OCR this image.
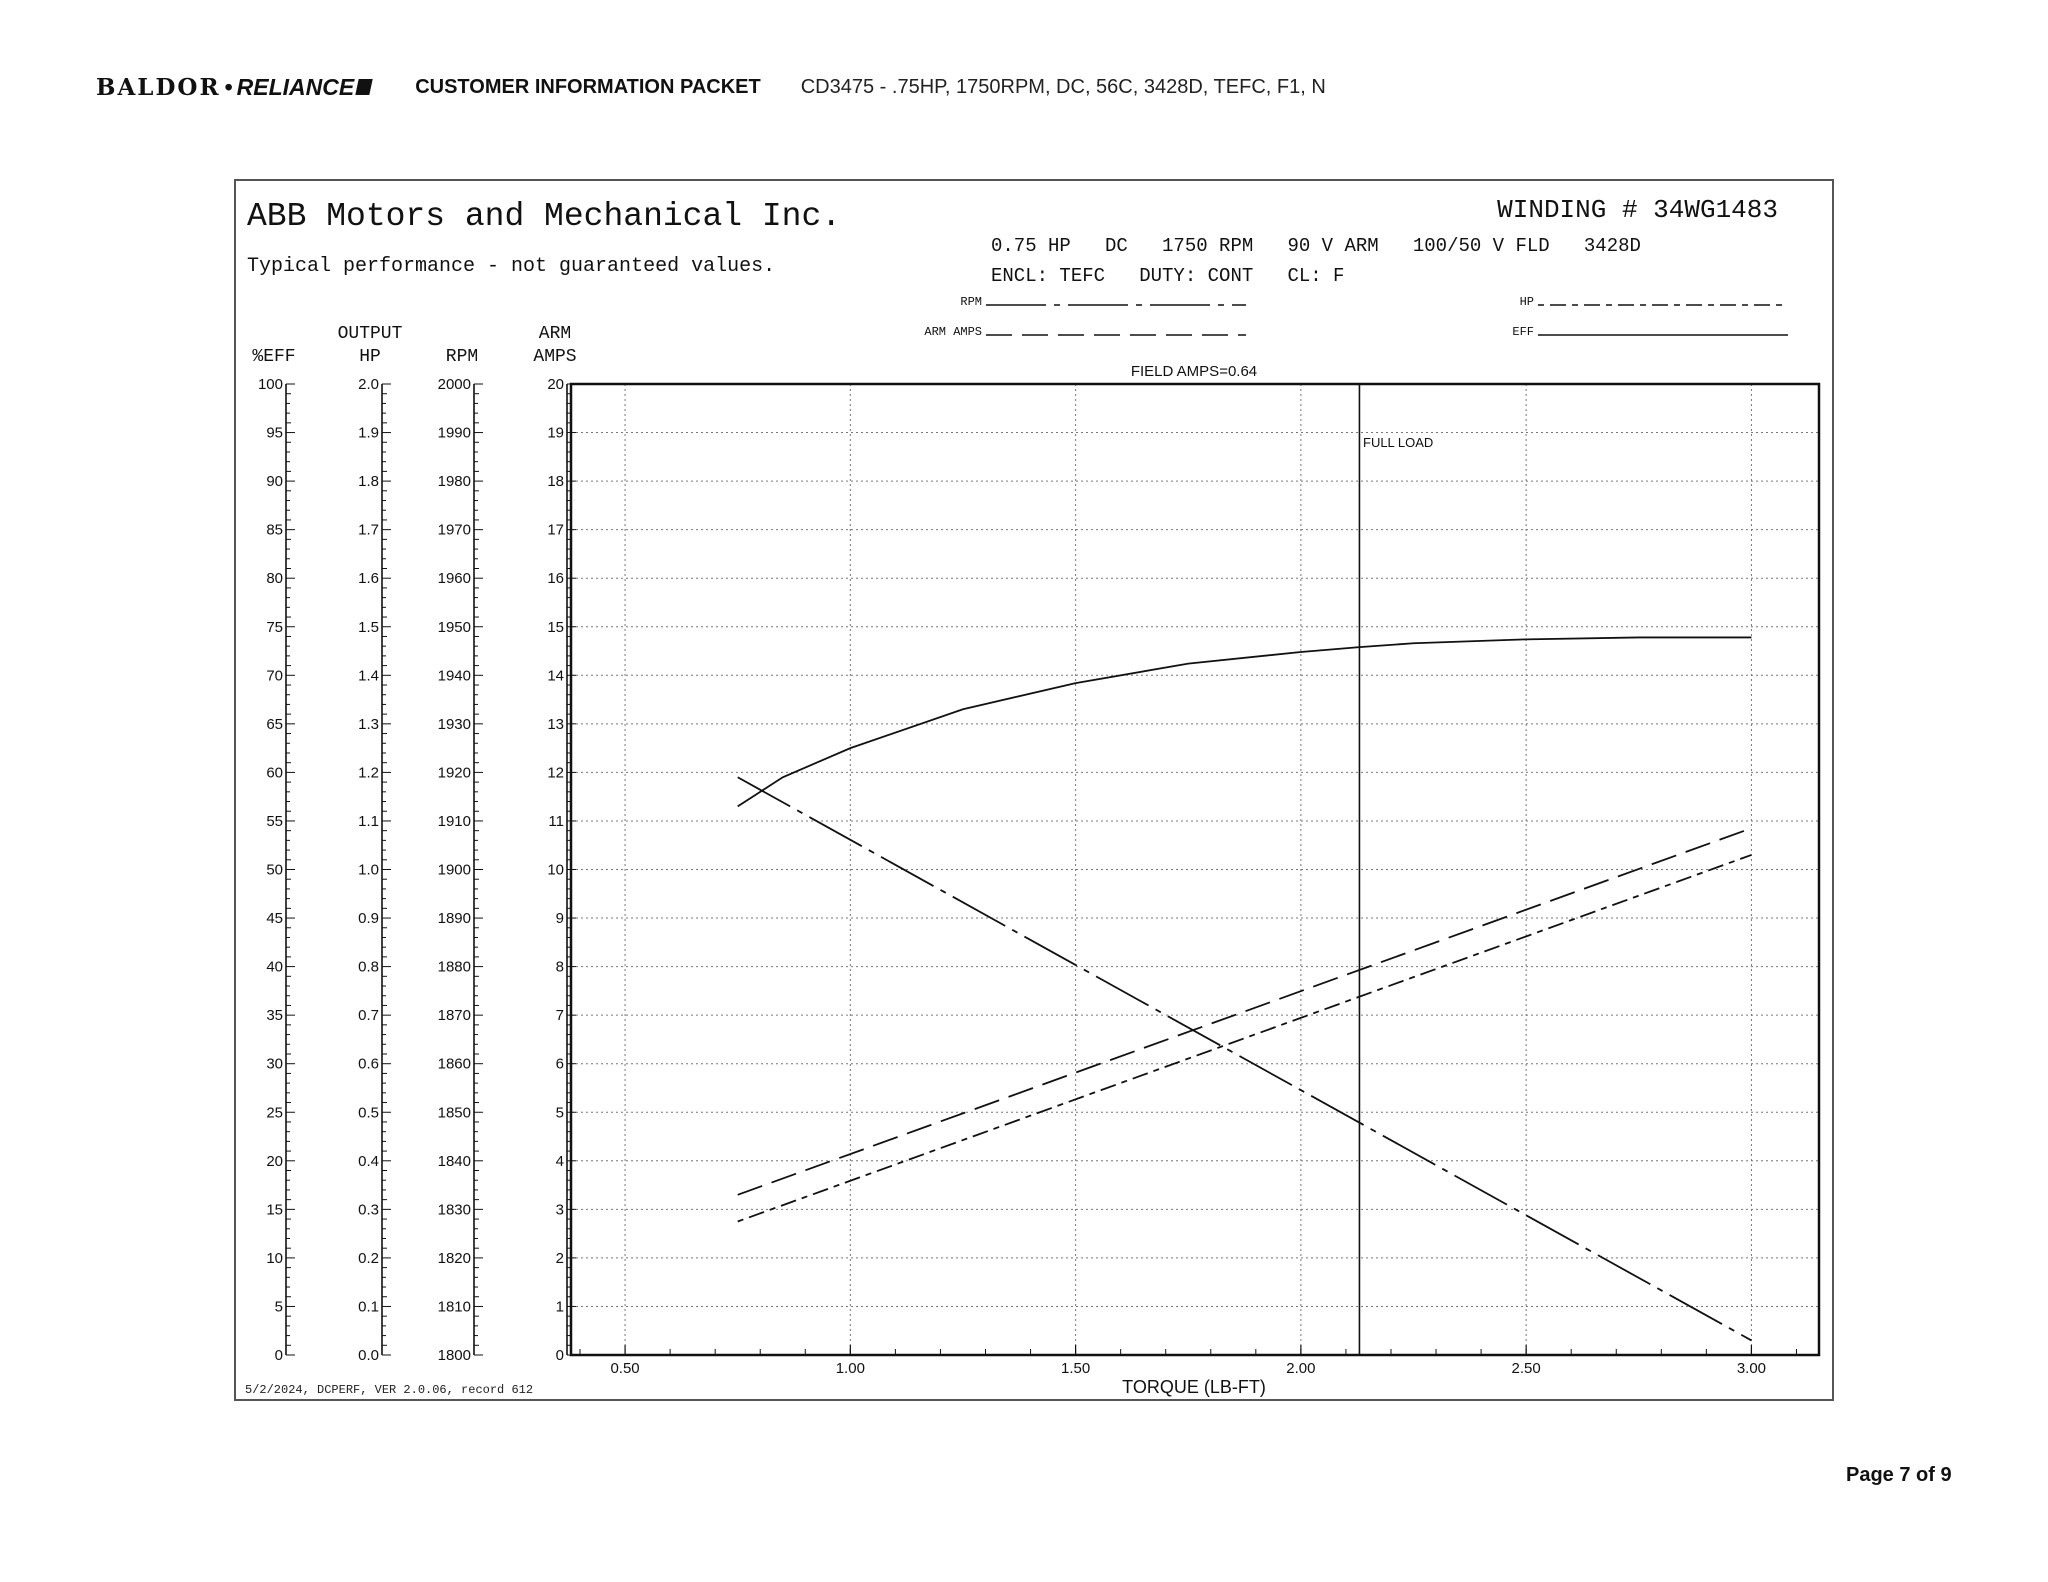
BALDOR • RELIANCE	CUSTOMER INFORMATION PACKET CD3475 - .75HP, 1750RPM, DC, 56C, 3428D, TEFC, F1, N
ABB Motors and Mechanical Inc.
Typical performance - not guaranteed values.
WINDING # 34WG1483
0.75 HP   DC   1750 RPM   90 V ARM   100/50 V FLD   3428D
ENCL: TEFC   DUTY: CONT   CL: F
FIELD AMPS=0.64
TORQUE (LB-FT)
5/2/2024, DCPERF, VER 2.0.06, record 612
FULL LOAD
RPM	HP
ARM AMPS	EFF
0
5
10
15
20
25
30
35
40
45
50
55
60
65
70
75
80
85
90
95
100
%EFF
0.0
0.1
0.2
0.3
0.4
0.5
0.6
0.7
0.8
0.9
1.0
1.1
1.2
1.3
1.4
1.5
1.6
1.7
1.8
1.9
2.0
OUTPUT
HP
1800
1810
1820
1830
1840
1850
1860
1870
1880
1890
1900
1910
1920
1930
1940
1950
1960
1970
1980
1990
2000
RPM
0
1
2
3
4
5
6
7
8
9
10
11
12
13
14
15
16
17
18
19
20
ARM
AMPS
0.50	1.00	1.50	2.00	2.50	3.00
Page 7 of 9
